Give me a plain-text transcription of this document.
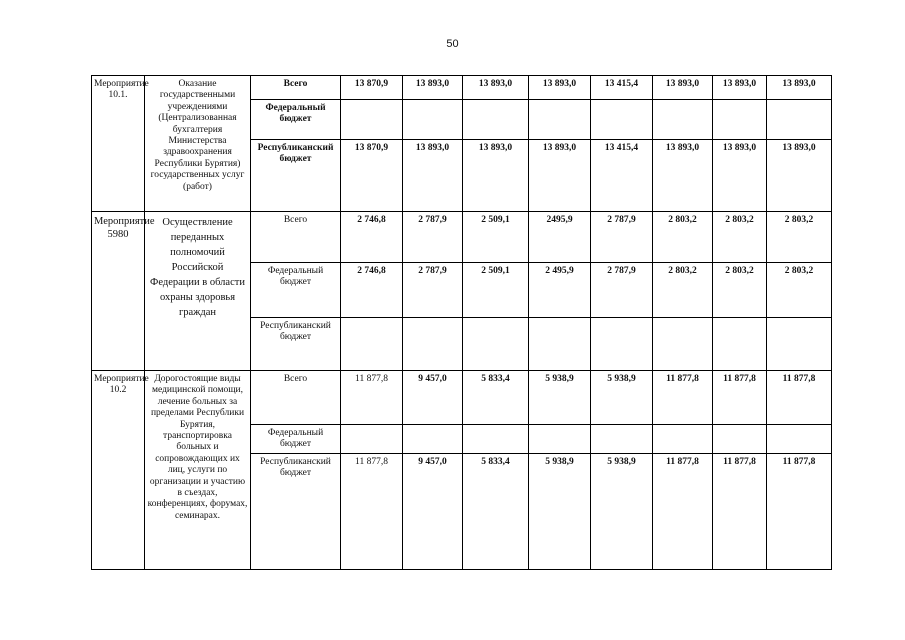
50
Мероприятие 10.1.	Оказание государственными учреждениями (Централизованная бухгалтерия Министерства здравоохранения Республики Бурятия) государственных услуг (работ)	Всего	13 870,9	13 893,0	13 893,0	13 893,0	13 415,4	13 893,0	13 893,0	13 893,0
		Федеральный бюджет								
		Республиканский бюджет	13 870,9	13 893,0	13 893,0	13 893,0	13 415,4	13 893,0	13 893,0	13 893,0
Мероприятие 5980	Осуществление переданных полномочий Российской Федерации в области охраны здоровья граждан	Всего	2 746,8	2 787,9	2 509,1	2495,9	2 787,9	2 803,2	2 803,2	2 803,2
		Федеральный бюджет	2 746,8	2 787,9	2 509,1	2 495,9	2 787,9	2 803,2	2 803,2	2 803,2
		Республиканский бюджет								
Мероприятие 10.2	Дорогостоящие виды медицинской помощи, лечение больных за пределами Республики Бурятия, транспортировка больных и сопровождающих их лиц, услуги по организации и участию в съездах, конференциях, форумах, семинарах.	Всего	11 877,8	9 457,0	5 833,4	5 938,9	5 938,9	11 877,8	11 877,8	11 877,8
		Федеральный бюджет								
		Республиканский бюджет	11 877,8	9 457,0	5 833,4	5 938,9	5 938,9	11 877,8	11 877,8	11 877,8
